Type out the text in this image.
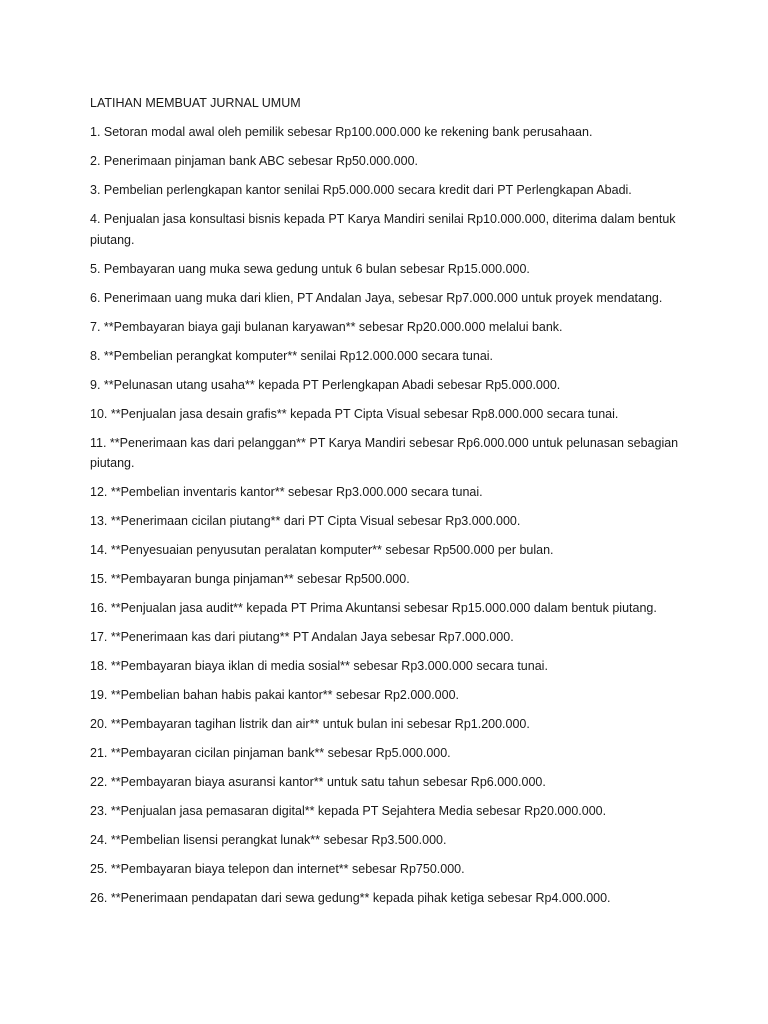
LATIHAN MEMBUAT JURNAL UMUM
1. Setoran modal awal oleh pemilik sebesar Rp100.000.000 ke rekening bank perusahaan.
2. Penerimaan pinjaman bank ABC sebesar Rp50.000.000.
3. Pembelian perlengkapan kantor senilai Rp5.000.000 secara kredit dari PT Perlengkapan Abadi.
4. Penjualan jasa konsultasi bisnis kepada PT Karya Mandiri senilai Rp10.000.000, diterima dalam bentuk piutang.
5. Pembayaran uang muka sewa gedung untuk 6 bulan sebesar Rp15.000.000.
6. Penerimaan uang muka dari klien, PT Andalan Jaya, sebesar Rp7.000.000 untuk proyek mendatang.
7. **Pembayaran biaya gaji bulanan karyawan** sebesar Rp20.000.000 melalui bank.
8. **Pembelian perangkat komputer** senilai Rp12.000.000 secara tunai.
9. **Pelunasan utang usaha** kepada PT Perlengkapan Abadi sebesar Rp5.000.000.
10. **Penjualan jasa desain grafis** kepada PT Cipta Visual sebesar Rp8.000.000 secara tunai.
11. **Penerimaan kas dari pelanggan** PT Karya Mandiri sebesar Rp6.000.000 untuk pelunasan sebagian piutang.
12. **Pembelian inventaris kantor** sebesar Rp3.000.000 secara tunai.
13. **Penerimaan cicilan piutang** dari PT Cipta Visual sebesar Rp3.000.000.
14. **Penyesuaian penyusutan peralatan komputer** sebesar Rp500.000 per bulan.
15. **Pembayaran bunga pinjaman** sebesar Rp500.000.
16. **Penjualan jasa audit** kepada PT Prima Akuntansi sebesar Rp15.000.000 dalam bentuk piutang.
17. **Penerimaan kas dari piutang** PT Andalan Jaya sebesar Rp7.000.000.
18. **Pembayaran biaya iklan di media sosial** sebesar Rp3.000.000 secara tunai.
19. **Pembelian bahan habis pakai kantor** sebesar Rp2.000.000.
20. **Pembayaran tagihan listrik dan air** untuk bulan ini sebesar Rp1.200.000.
21. **Pembayaran cicilan pinjaman bank** sebesar Rp5.000.000.
22. **Pembayaran biaya asuransi kantor** untuk satu tahun sebesar Rp6.000.000.
23. **Penjualan jasa pemasaran digital** kepada PT Sejahtera Media sebesar Rp20.000.000.
24. **Pembelian lisensi perangkat lunak** sebesar Rp3.500.000.
25. **Pembayaran biaya telepon dan internet** sebesar Rp750.000.
26. **Penerimaan pendapatan dari sewa gedung** kepada pihak ketiga sebesar Rp4.000.000.
